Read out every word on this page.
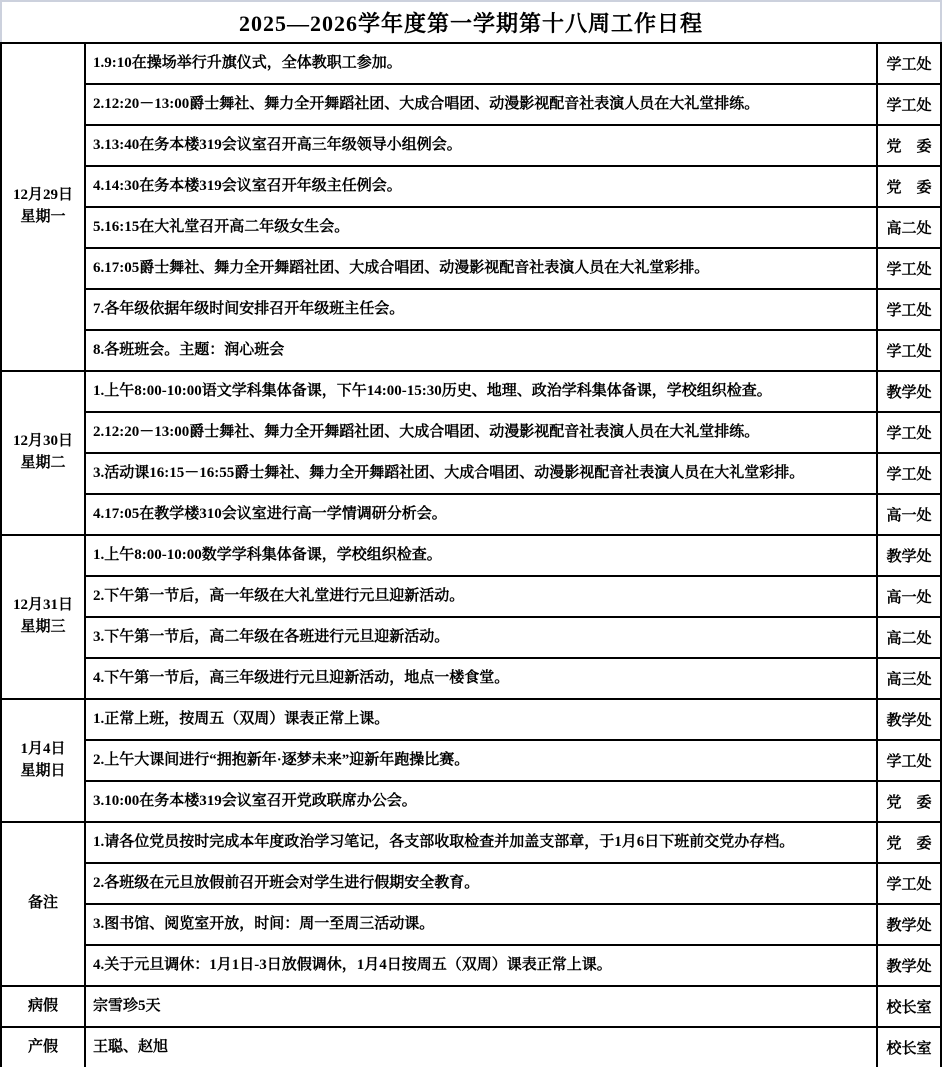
2025—2026学年度第一学期第十八周工作日程
12月29日
星期一	1.9:10在操场举行升旗仪式，全体教职工参加。	学工处
	2.12:20－13:00爵士舞社、舞力全开舞蹈社团、大成合唱团、动漫影视配音社表演人员在大礼堂排练。	学工处
	3.13:40在务本楼319会议室召开高三年级领导小组例会。	党　委
	4.14:30在务本楼319会议室召开年级主任例会。	党　委
	5.16:15在大礼堂召开高二年级女生会。	高二处
	6.17:05爵士舞社、舞力全开舞蹈社团、大成合唱团、动漫影视配音社表演人员在大礼堂彩排。	学工处
	7.各年级依据年级时间安排召开年级班主任会。	学工处
	8.各班班会。主题：润心班会	学工处

12月30日
星期二	1.上午8:00-10:00语文学科集体备课，下午14:00-15:30历史、地理、政治学科集体备课，学校组织检查。	教学处
	2.12:20－13:00爵士舞社、舞力全开舞蹈社团、大成合唱团、动漫影视配音社表演人员在大礼堂排练。	学工处
	3.活动课16:15－16:55爵士舞社、舞力全开舞蹈社团、大成合唱团、动漫影视配音社表演人员在大礼堂彩排。	学工处
	4.17:05在教学楼310会议室进行高一学情调研分析会。	高一处

12月31日
星期三	1.上午8:00-10:00数学学科集体备课，学校组织检查。	教学处
	2.下午第一节后，高一年级在大礼堂进行元旦迎新活动。	高一处
	3.下午第一节后，高二年级在各班进行元旦迎新活动。	高二处
	4.下午第一节后，高三年级进行元旦迎新活动，地点一楼食堂。	高三处

1月4日
星期日	1.正常上班，按周五（双周）课表正常上课。	教学处
	2.上午大课间进行“拥抱新年·逐梦未来”迎新年跑操比赛。	学工处
	3.10:00在务本楼319会议室召开党政联席办公会。	党　委

备注	1.请各位党员按时完成本年度政治学习笔记，各支部收取检查并加盖支部章，于1月6日下班前交党办存档。	党　委
	2.各班级在元旦放假前召开班会对学生进行假期安全教育。	学工处
	3.图书馆、阅览室开放，时间：周一至周三活动课。	教学处
	4.关于元旦调休：1月1日-3日放假调休，1月4日按周五（双周）课表正常上课。	教学处

病假	宗雪珍5天	校长室

产假	王聪、赵旭	校长室
